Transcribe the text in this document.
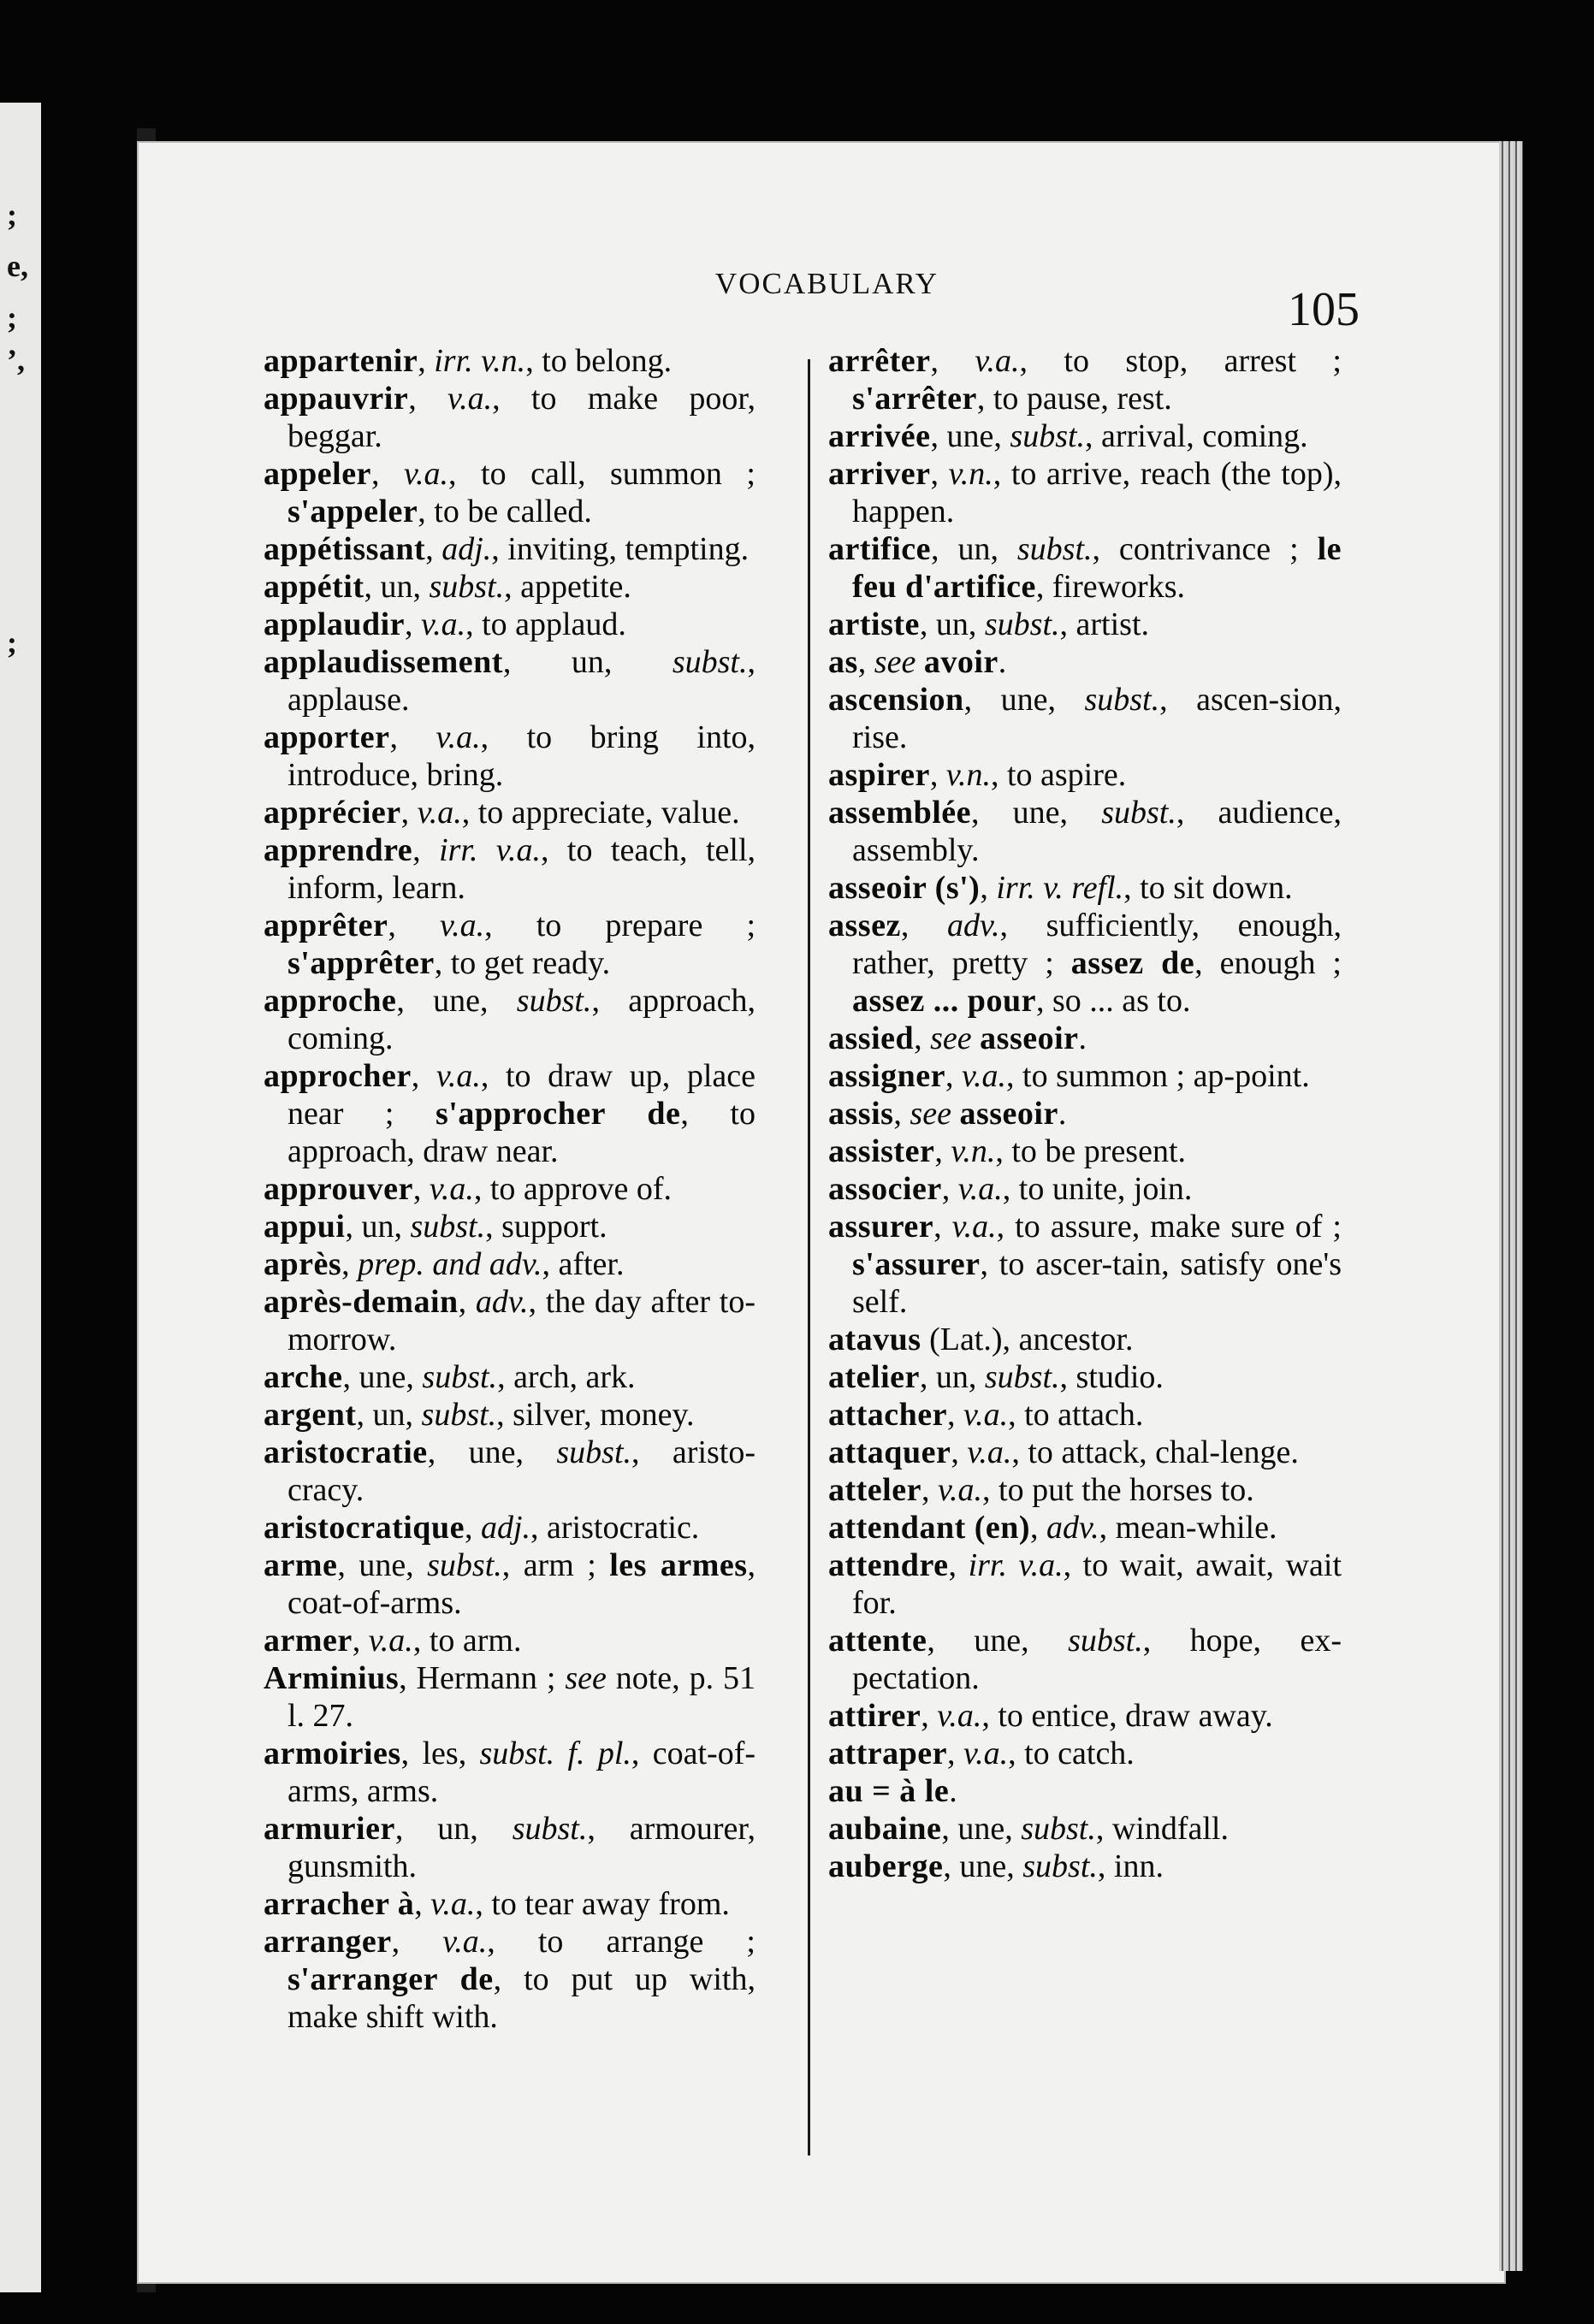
;
e,
;
’,
;
VOCABULARY	105
appartenir, irr. v.n., to belong.
appauvrir, v.a., to make poor, beggar.
appeler, v.a., to call, summon ; s'appeler, to be called.
appétissant, adj., inviting, tempting.
appétit, un, subst., appetite.
applaudir, v.a., to applaud.
applaudissement, un, subst., applause.
apporter, v.a., to bring into, introduce, bring.
apprécier, v.a., to appreciate, value.
apprendre, irr. v.a., to teach, tell, inform, learn.
apprêter, v.a., to prepare ; s'apprêter, to get ready.
approche, une, subst., approach, coming.
approcher, v.a., to draw up, place near ; s'approcher de, to approach, draw near.
approuver, v.a., to approve of.
appui, un, subst., support.
après, prep. and adv., after.
après-demain, adv., the day after to-morrow.
arche, une, subst., arch, ark.
argent, un, subst., silver, money.
aristocratie, une, subst., aristo-cracy.
aristocratique, adj., aristocratic.
arme, une, subst., arm ; les armes, coat-of-arms.
armer, v.a., to arm.
Arminius, Hermann ; see note, p. 51 l. 27.
armoiries, les, subst. f. pl., coat-of-arms, arms.
armurier, un, subst., armourer, gunsmith.
arracher à, v.a., to tear away from.
arranger, v.a., to arrange ; s'arranger de, to put up with, make shift with.
arrêter, v.a., to stop, arrest ; s'arrêter, to pause, rest.
arrivée, une, subst., arrival, coming.
arriver, v.n., to arrive, reach (the top), happen.
artifice, un, subst., contrivance ; le feu d'artifice, fireworks.
artiste, un, subst., artist.
as, see avoir.
ascension, une, subst., ascen-sion, rise.
aspirer, v.n., to aspire.
assemblée, une, subst., audience, assembly.
asseoir (s'), irr. v. refl., to sit down.
assez, adv., sufficiently, enough, rather, pretty ; assez de, enough ; assez ... pour, so ... as to.
assied, see asseoir.
assigner, v.a., to summon ; ap-point.
assis, see asseoir.
assister, v.n., to be present.
associer, v.a., to unite, join.
assurer, v.a., to assure, make sure of ; s'assurer, to ascer-tain, satisfy one's self.
atavus (Lat.), ancestor.
atelier, un, subst., studio.
attacher, v.a., to attach.
attaquer, v.a., to attack, chal-lenge.
atteler, v.a., to put the horses to.
attendant (en), adv., mean-while.
attendre, irr. v.a., to wait, await, wait for.
attente, une, subst., hope, ex-pectation.
attirer, v.a., to entice, draw away.
attraper, v.a., to catch.
au = à le.
aubaine, une, subst., windfall.
auberge, une, subst., inn.
